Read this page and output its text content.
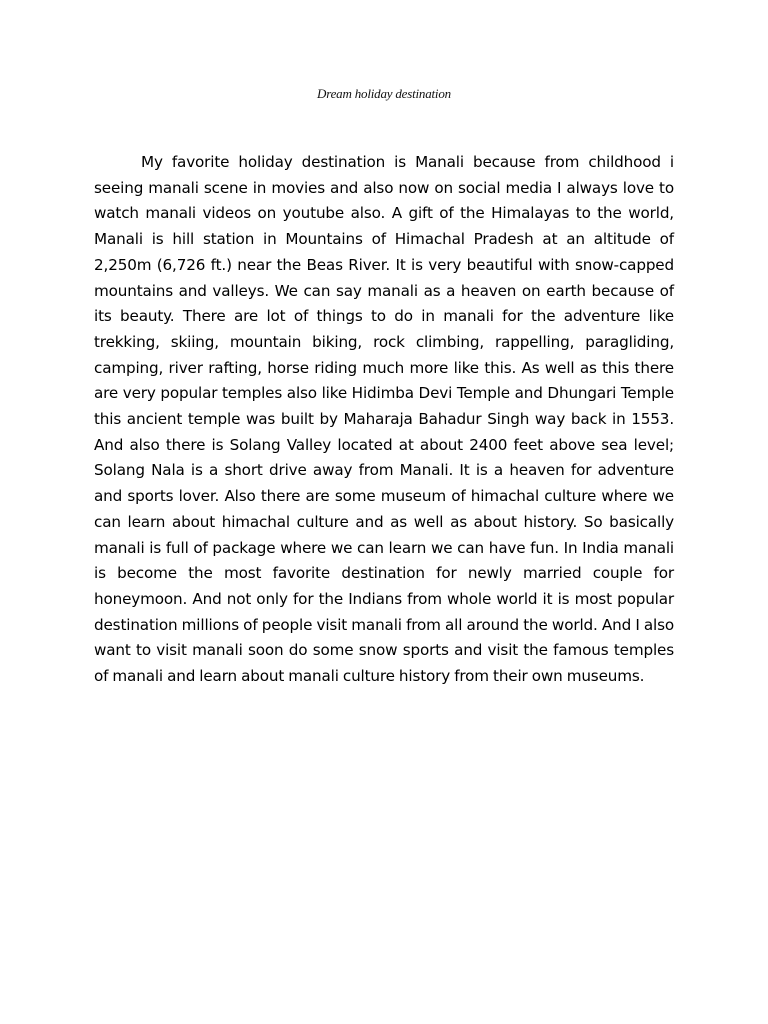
Dream holiday destination

My favorite holiday destination is Manali because from childhood i seeing manali scene in movies and also now on social media I always love to watch manali videos on youtube also. A gift of the Himalayas to the world, Manali is hill station in Mountains of Himachal Pradesh at an altitude of 2,250m (6,726 ft.) near the Beas River. It is very beautiful with snow-capped mountains and valleys. We can say manali as a heaven on earth because of its beauty. There are lot of things to do in manali for the adventure like trekking, skiing, mountain biking, rock climbing, rappelling, paragliding, camping, river rafting, horse riding much more like this. As well as this there are very popular temples also like Hidimba Devi Temple and Dhungari Temple this ancient temple was built by Maharaja Bahadur Singh way back in 1553. And also there is Solang Valley located at about 2400 feet above sea level; Solang Nala is a short drive away from Manali. It is a heaven for adventure and sports lover. Also there are some museum of himachal culture where we can learn about himachal culture and as well as about history. So basically manali is full of package where we can learn we can have fun. In India manali is become the most favorite destination for newly married couple for honeymoon. And not only for the Indians from whole world it is most popular destination millions of people visit manali from all around the world. And I also want to visit manali soon do some snow sports and visit the famous temples of manali and learn about manali culture history from their own museums.
